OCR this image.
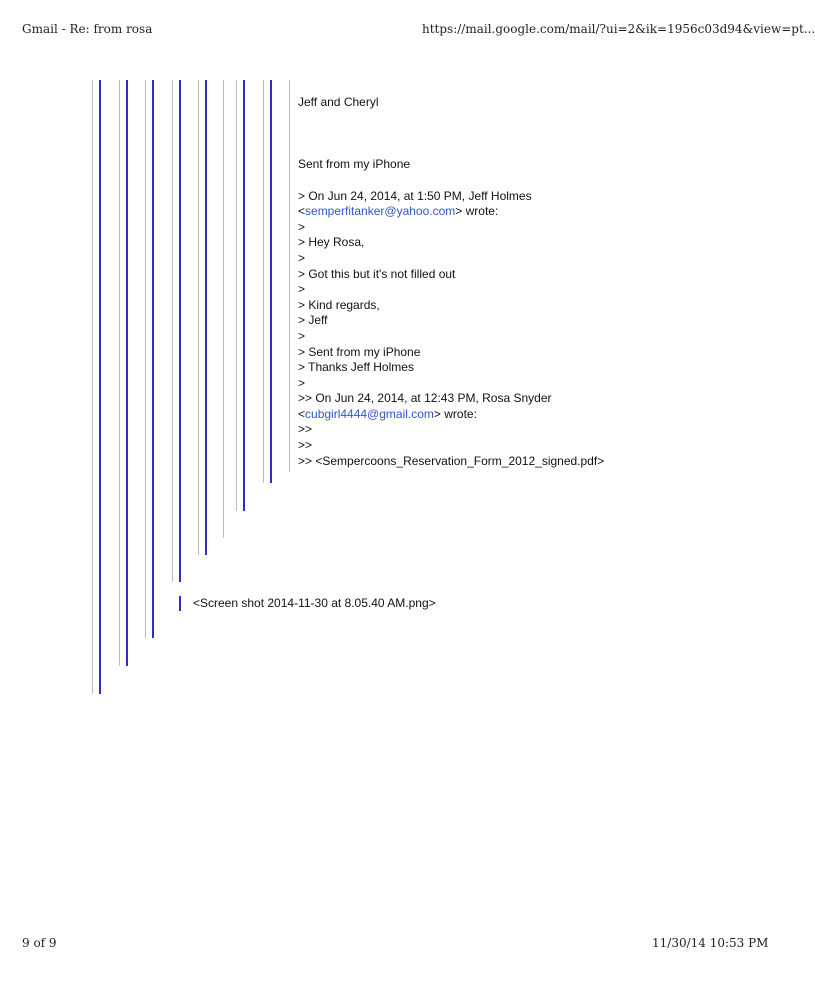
Gmail - Re: from rosa	https://mail.google.com/mail/?ui=2&ik=1956c03d94&view=pt...
Jeff and Cheryl
Sent from my iPhone
> On Jun 24, 2014, at 1:50 PM, Jeff Holmes
<semperfitanker@yahoo.com> wrote:
>
> Hey Rosa,
>
> Got this but it's not filled out
>
> Kind regards,
> Jeff
>
> Sent from my iPhone
> Thanks Jeff Holmes
>
>> On Jun 24, 2014, at 12:43 PM, Rosa Snyder
<cubgirl4444@gmail.com> wrote:
>>
>>
>> <Sempercoons_Reservation_Form_2012_signed.pdf>
<Screen shot 2014-11-30 at 8.05.40 AM.png>
9 of 9	11/30/14 10:53 PM
